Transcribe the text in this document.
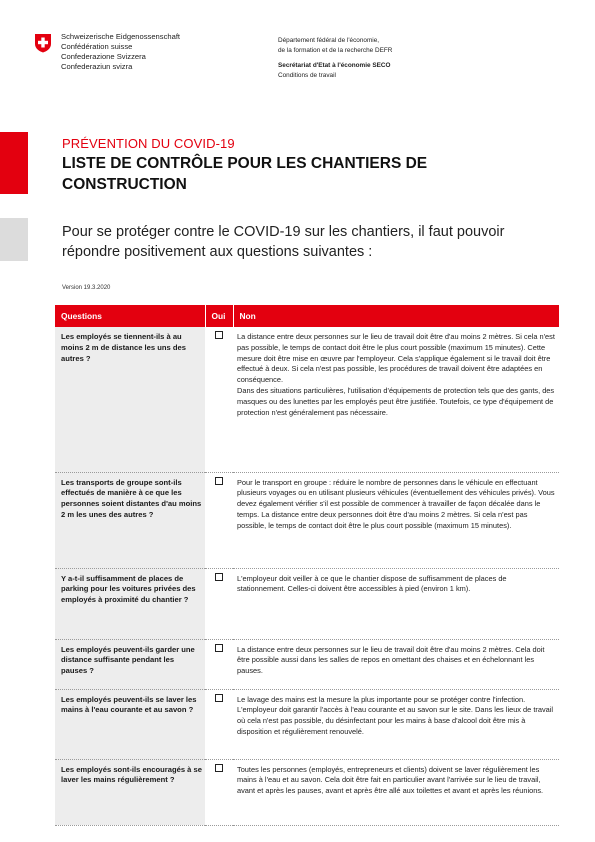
Schweizerische Eidgenossenschaft
Confédération suisse
Confederazione Svizzera
Confederaziun svizra
Département fédéral de l'économie,
de la formation et de la recherche DEFR
Secrétariat d'Etat à l'économie SECO
Conditions de travail
PRÉVENTION DU COVID-19
LISTE DE CONTRÔLE POUR LES CHANTIERS DE CONSTRUCTION
Pour se protéger contre le COVID-19 sur les chantiers, il faut pouvoir répondre positivement aux questions suivantes :
Version 19.3.2020
Questions	Oui	Non
Les employés se tiennent-ils à au moins 2 m de distance les uns des autres ?		La distance entre deux personnes sur le lieu de travail doit être d'au moins 2 mètres. Si cela n'est pas possible, le temps de contact doit être le plus court possible (maximum 15 minutes). Cette mesure doit être mise en œuvre par l'employeur. Cela s'applique également si le travail doit être effectué à deux. Si cela n'est pas possible, les procédures de travail doivent être adaptées en conséquence.
Dans des situations particulières, l'utilisation d'équipements de protection tels que des gants, des masques ou des lunettes par les employés peut être justifiée. Toutefois, ce type d'équipement de protection n'est généralement pas nécessaire.

Les transports de groupe sont-ils effectués de manière à ce que les personnes soient distantes d'au moins 2 m les unes des autres ?		Pour le transport en groupe : réduire le nombre de personnes dans le véhicule en effectuant plusieurs voyages ou en utilisant plusieurs véhicules (éventuellement des véhicules privés). Vous devez également vérifier s'il est possible de commencer à travailler de façon décalée dans le temps. La distance entre deux personnes doit être d'au moins 2 mètres. Si cela n'est pas possible, le temps de contact doit être le plus court possible (maximum 15 minutes).

Y a-t-il suffisamment de places de parking pour les voitures privées des employés à proximité du chantier ?		L'employeur doit veiller à ce que le chantier dispose de suffisamment de places de stationnement. Celles-ci doivent être accessibles à pied (environ 1 km).

Les employés peuvent-ils garder une distance suffisante pendant les pauses ?		La distance entre deux personnes sur le lieu de travail doit être d'au moins 2 mètres. Cela doit être possible aussi dans les salles de repos en omettant des chaises et en échelonnant les pauses.

Les employés peuvent-ils se laver les mains à l'eau courante et au savon ?		Le lavage des mains est la mesure la plus importante pour se protéger contre l'infection. L'employeur doit garantir l'accès à l'eau courante et au savon sur le site. Dans les lieux de travail où cela n'est pas possible, du désinfectant pour les mains à base d'alcool doit être mis à disposition et régulièrement renouvelé.

Les employés sont-ils encouragés à se laver les mains régulièrement ?		Toutes les personnes (employés, entrepreneurs et clients) doivent se laver régulièrement les mains à l'eau et au savon. Cela doit être fait en particulier avant l'arrivée sur le lieu de travail, avant et après les pauses, avant et après être allé aux toilettes et avant et après les réunions.
